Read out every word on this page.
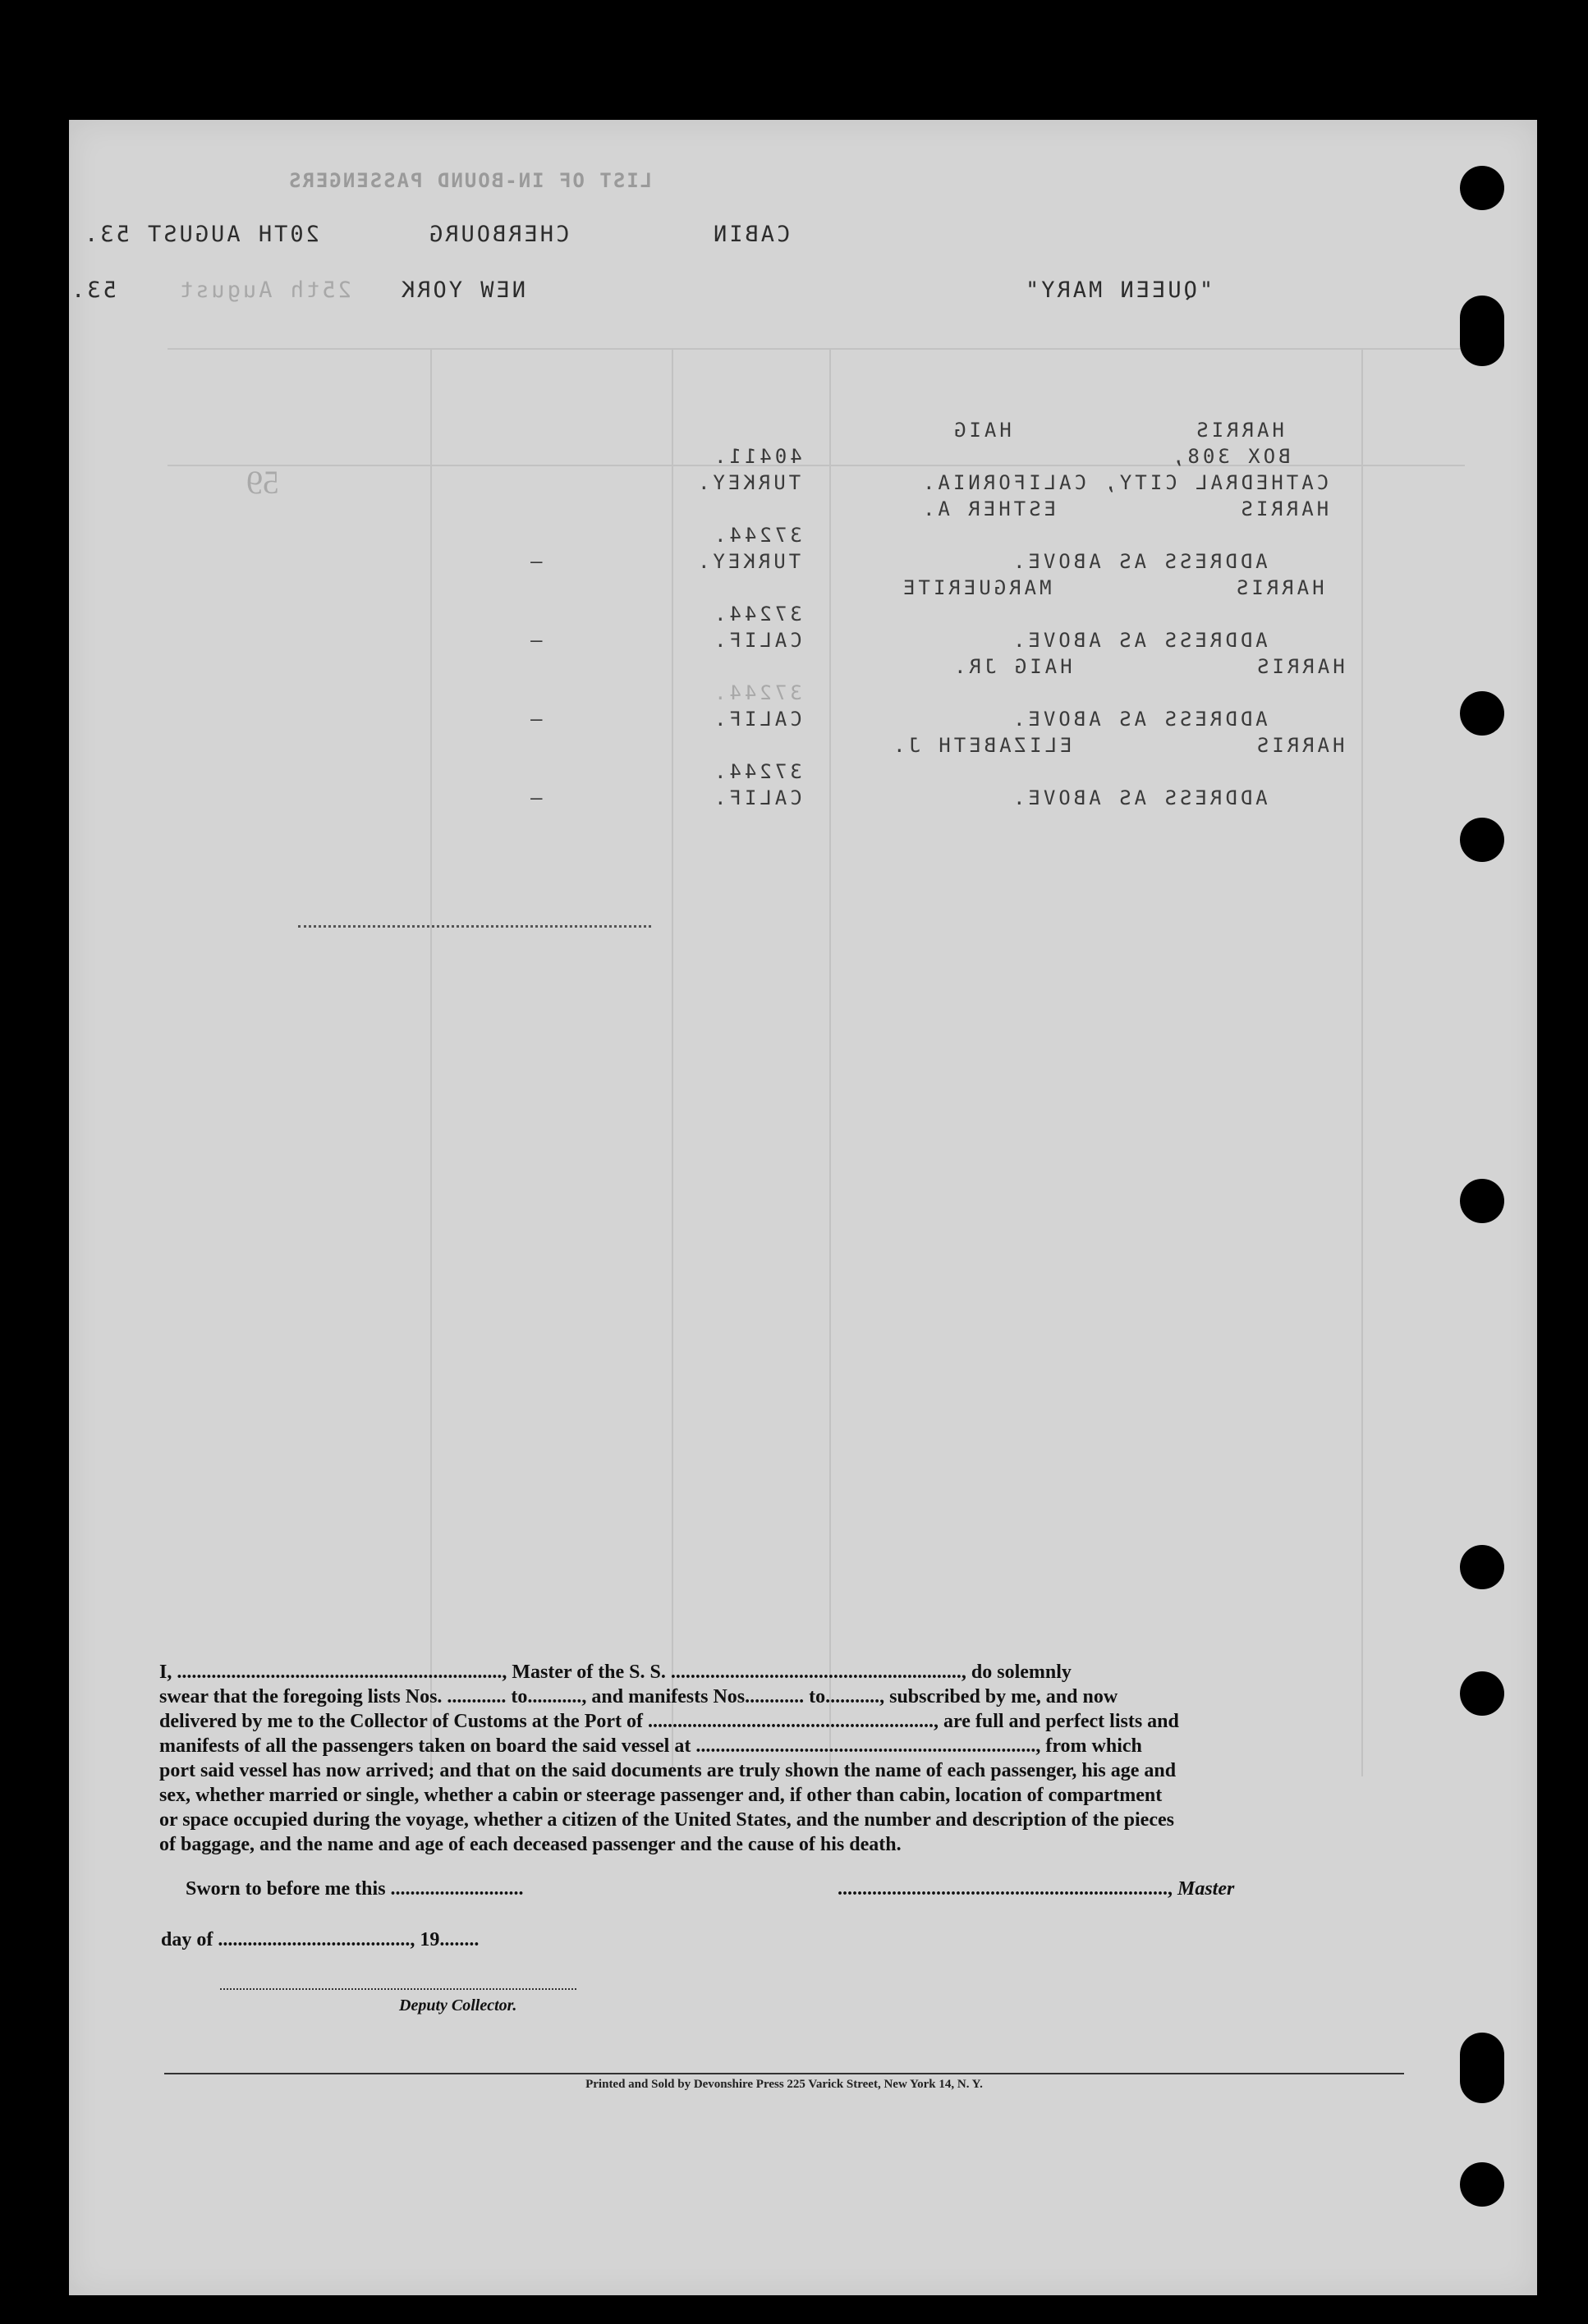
LIST OF IN-BOUND PASSENGERS
CABIN
CHERBOURG
20TH AUGUST 53.
"QUEEN MARY"
NEW YORK
25th August
53.
HARRIS            HAIG
BOX 308,
CATHEDRAL CITY, CALIFORNIA.
40411.
TURKEY.
HARRIS            ESTHER A.
37244.
ADDRESS AS ABOVE.
TURKEY.
–
HARRIS            MARGUERITE
37244.
ADDRESS AS ABOVE.
CALIF.
–
HARRIS            HAIG JR.
37244.
ADDRESS AS ABOVE.
CALIF.
–
HARRIS            ELIZABETH J.
37244.
ADDRESS AS ABOVE.
CALIF.
–
59

I, .................................................................., Master of the S. S. ..........................................................., do solemnly

swear that the foregoing lists Nos. ............ to..........., and manifests Nos............ to..........., subscribed by me, and now

delivered by me to the Collector of Customs at the Port of .........................................................., are full and perfect lists and

manifests of all the passengers taken on board the said vessel at ....................................................................., from which

port said vessel has now arrived; and that on the said documents are truly shown the name of each passenger, his age and

sex, whether married or single, whether a cabin or steerage passenger and, if other than cabin, location of compartment

or space occupied during the voyage, whether a citizen of the United States, and the number and description of the pieces

of baggage, and the name and age of each deceased passenger and the cause of his death.

Sworn to before me this ...........................	..................................................................., Master
day of ......................................., 19........
Deputy Collector.
Printed and Sold by Devonshire Press 225 Varick Street, New York 14, N. Y.
